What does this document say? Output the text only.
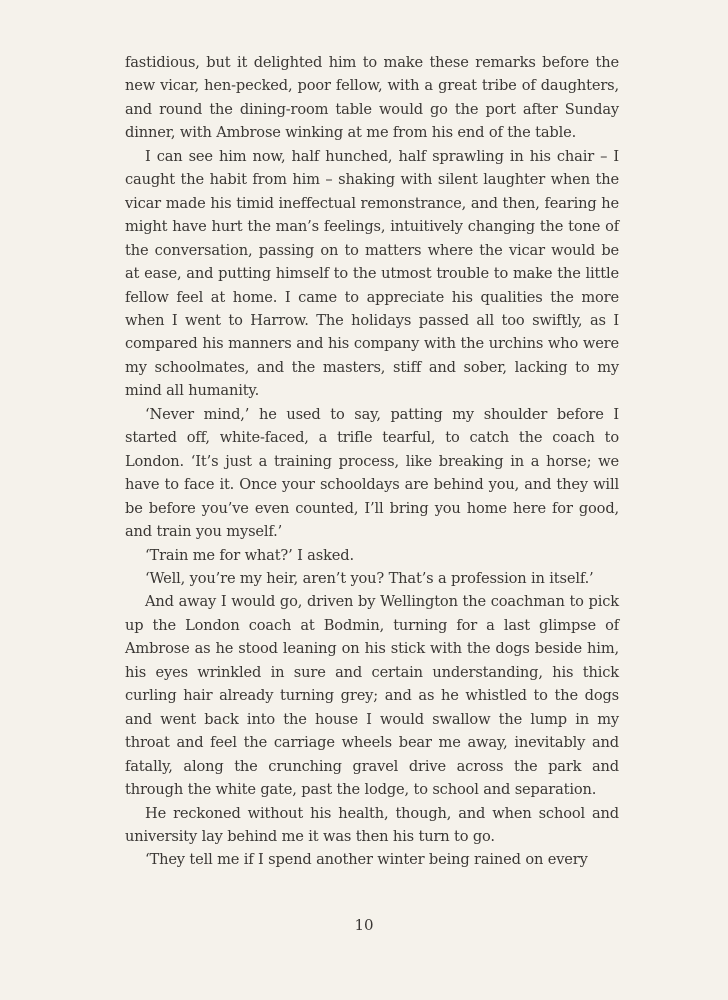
fastidious, but it delighted him to make these remarks before the new vicar, hen-pecked, poor fellow, with a great tribe of daughters, and round the dining-room table would go the port after Sunday dinner, with Ambrose winking at me from his end of the table.

I can see him now, half hunched, half sprawling in his chair – I caught the habit from him – shaking with silent laughter when the vicar made his timid ineffectual remonstrance, and then, fearing he might have hurt the man’s feelings, intuitively changing the tone of the conversation, passing on to matters where the vicar would be at ease, and putting himself to the utmost trouble to make the little fellow feel at home. I came to appreciate his qualities the more when I went to Harrow. The holidays passed all too swiftly, as I compared his manners and his company with the urchins who were my schoolmates, and the masters, stiff and sober, lacking to my mind all humanity.

‘Never mind,’ he used to say, patting my shoulder before I started off, white-faced, a trifle tearful, to catch the coach to London. ‘It’s just a training process, like breaking in a horse; we have to face it. Once your schooldays are behind you, and they will be before you’ve even counted, I’ll bring you home here for good, and train you myself.’

‘Train me for what?’ I asked.

‘Well, you’re my heir, aren’t you? That’s a profession in itself.’

And away I would go, driven by Wellington the coachman to pick up the London coach at Bodmin, turning for a last glimpse of Ambrose as he stood leaning on his stick with the dogs beside him, his eyes wrinkled in sure and certain understanding, his thick curling hair already turning grey; and as he whistled to the dogs and went back into the house I would swallow the lump in my throat and feel the carriage wheels bear me away, inevitably and fatally, along the crunching gravel drive across the park and through the white gate, past the lodge, to school and separation.

He reckoned without his health, though, and when school and university lay behind me it was then his turn to go.

‘They tell me if I spend another winter being rained on every

10
